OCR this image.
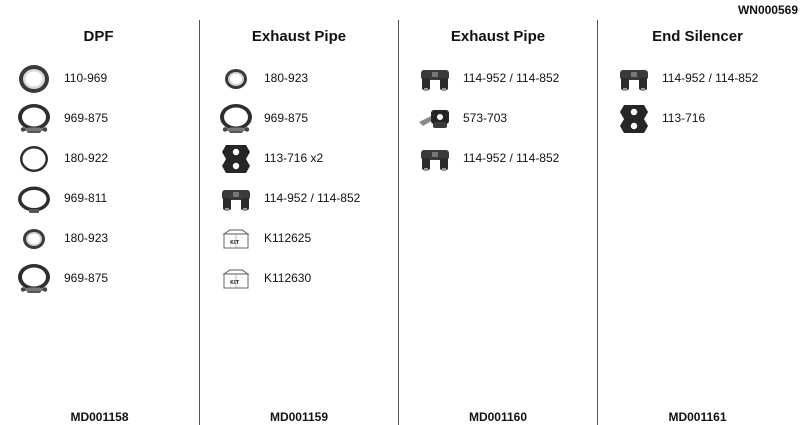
WN000569
DPF
110-969
969-875
180-922
969-811
180-923
969-875
MD001158
Exhaust Pipe
180-923
969-875
113-716 x2
114-952 / 114-852
KIT K112625
KIT K112630
MD001159
Exhaust Pipe
114-952 / 114-852
573-703
114-952 / 114-852
MD001160
End Silencer
114-952 / 114-852
113-716
MD001161
